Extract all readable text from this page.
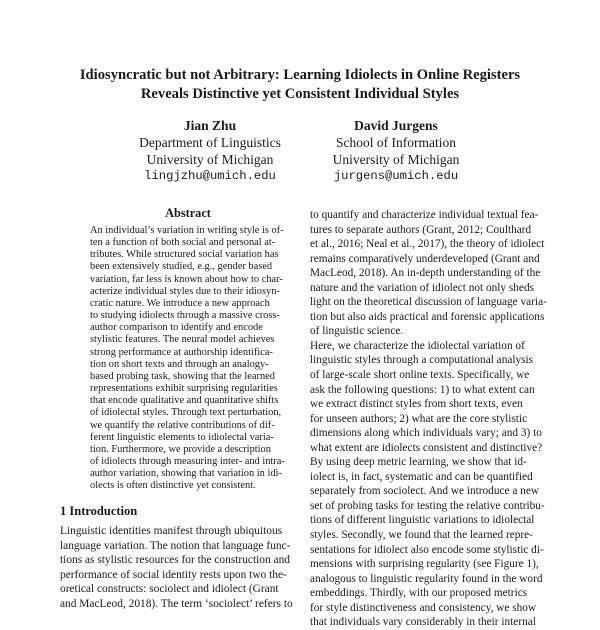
Idiosyncratic but not Arbitrary: Learning Idiolects in Online Registers
Reveals Distinctive yet Consistent Individual Styles
Jian Zhu
Department of Linguistics
University of Michigan
lingjzhu@umich.edu
David Jurgens
School of Information
University of Michigan
jurgens@umich.edu
Abstract
An individual’s variation in writing style is of-
ten a function of both social and personal at-
tributes. While structured social variation has
been extensively studied, e.g., gender based
variation, far less is known about how to char-
acterize individual styles due to their idiosyn-
cratic nature. We introduce a new approach
to studying idiolects through a massive cross-
author comparison to identify and encode
stylistic features. The neural model achieves
strong performance at authorship identifica-
tion on short texts and through an analogy-
based probing task, showing that the learned
representations exhibit surprising regularities
that encode qualitative and quantitative shifts
of idiolectal styles. Through text perturbation,
we quantify the relative contributions of dif-
ferent linguistic elements to idiolectal varia-
tion. Furthermore, we provide a description
of idiolects through measuring inter- and intra-
author variation, showing that variation in idi-
olects is often distinctive yet consistent.
1 Introduction
Linguistic identities manifest through ubiquitous
language variation. The notion that language func-
tions as stylistic resources for the construction and
performance of social identity rests upon two the-
oretical constructs: sociolect and idiolect (Grant
and MacLeod, 2018). The term ‘sociolect’ refers to
to quantify and characterize individual textual fea-
tures to separate authors (Grant, 2012; Coulthard
et al., 2016; Neal et al., 2017), the theory of idiolect
remains comparatively underdeveloped (Grant and
MacLeod, 2018). An in-depth understanding of the
nature and the variation of idiolect not only sheds
light on the theoretical discussion of language varia-
tion but also aids practical and forensic applications
of linguistic science.
Here, we characterize the idiolectal variation of
linguistic styles through a computational analysis
of large-scale short online texts. Specifically, we
ask the following questions: 1) to what extent can
we extract distinct styles from short texts, even
for unseen authors; 2) what are the core stylistic
dimensions along which individuals vary; and 3) to
what extent are idiolects consistent and distinctive?
By using deep metric learning, we show that id-
iolect is, in fact, systematic and can be quantified
separately from sociolect. And we introduce a new
set of probing tasks for testing the relative contribu-
tions of different linguistic variations to idiolectal
styles. Secondly, we found that the learned repre-
sentations for idiolect also encode some stylistic di-
mensions with surprising regularity (see Figure 1),
analogous to linguistic regularity found in the word
embeddings. Thirdly, with our proposed metrics
for style distinctiveness and consistency, we show
that individuals vary considerably in their internal
